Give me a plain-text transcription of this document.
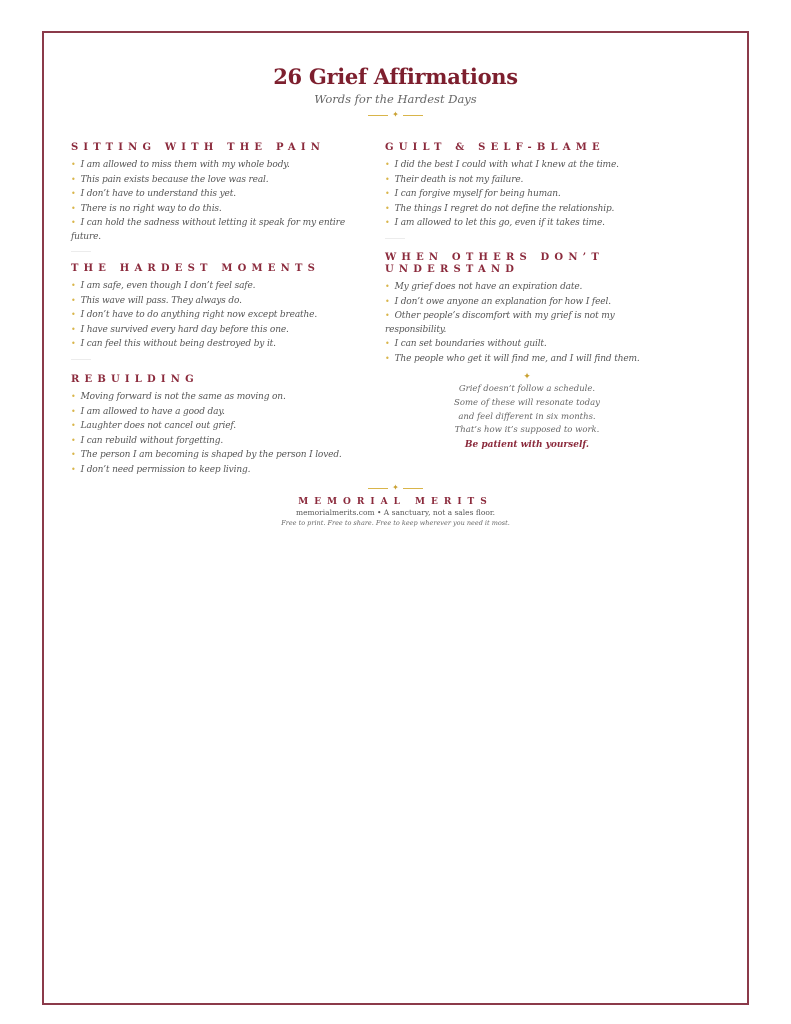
26 Grief Affirmations
Words for the Hardest Days
✦
SITTING WITH THE PAIN
• I am allowed to miss them with my whole body.
• This pain exists because the love was real.
• I don’t have to understand this yet.
• There is no right way to do this.
• I can hold the sadness without letting it speak for my entire future.
GUILT & SELF-BLAME
• I did the best I could with what I knew at the time.
• Their death is not my failure.
• I can forgive myself for being human.
• The things I regret do not define the relationship.
• I am allowed to let this go, even if it takes time.
THE HARDEST MOMENTS
• I am safe, even though I don’t feel safe.
• This wave will pass. They always do.
• I don’t have to do anything right now except breathe.
• I have survived every hard day before this one.
• I can feel this without being destroyed by it.
WHEN OTHERS DON’T UNDERSTAND
• My grief does not have an expiration date.
• I don’t owe anyone an explanation for how I feel.
• Other people’s discomfort with my grief is not my responsibility.
• I can set boundaries without guilt.
• The people who get it will find me, and I will find them.
REBUILDING
• Moving forward is not the same as moving on.
• I am allowed to have a good day.
• Laughter does not cancel out grief.
• I can rebuild without forgetting.
• The person I am becoming is shaped by the person I loved.
• I don’t need permission to keep living.
✦
Grief doesn’t follow a schedule.
Some of these will resonate today
and feel different in six months.
That’s how it’s supposed to work.
Be patient with yourself.
✦
MEMORIAL MERITS
memorialmerits.com • A sanctuary, not a sales floor.
Free to print. Free to share. Free to keep wherever you need it most.
